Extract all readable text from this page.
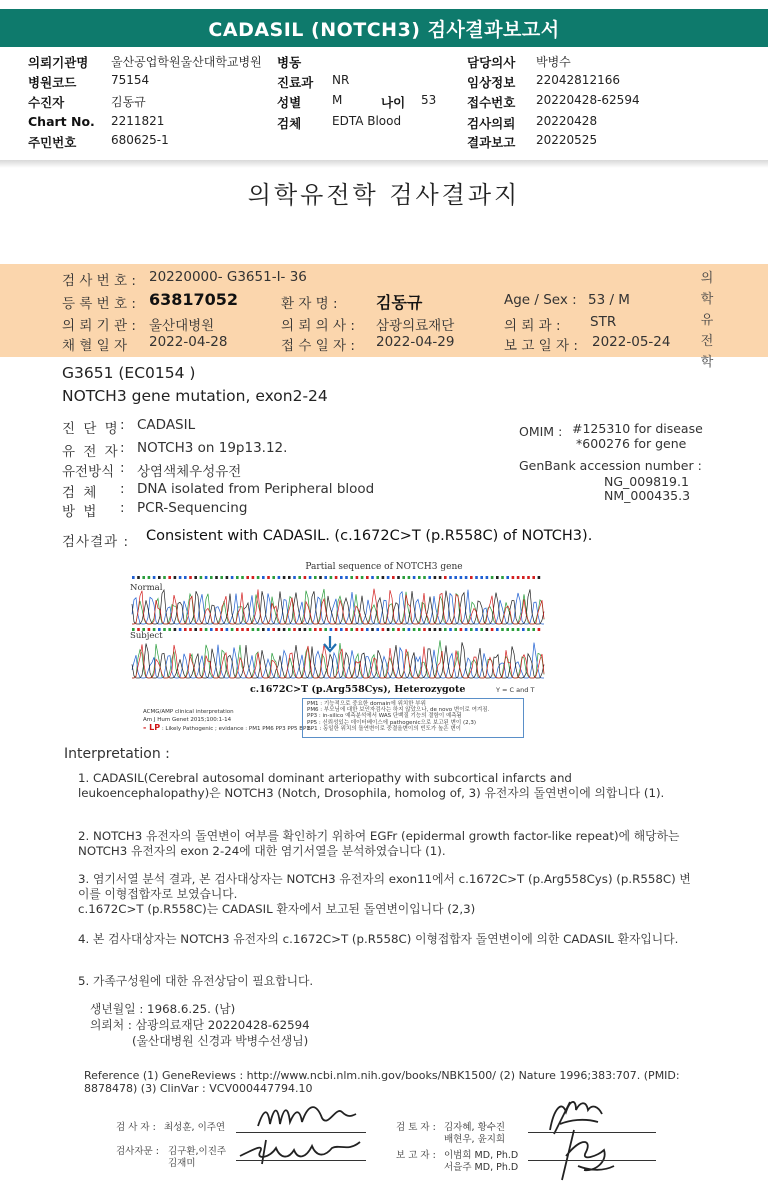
CADASIL (NOTCH3) 검사결과보고서
의뢰기관명 울산공업학원울산대학교병원 병동	담당의사 박병수
병원코드	75154	진료과 NR	임상정보 22042812166
수진자	김동규	성별	M	나이 53 접수번호 20220428-62594
Chart No. 2211821	검체	EDTA Blood	검사의뢰 20220428
주민번호	680625-1	결과보고 20220525
의학유전학 검사결과지
검 사 번 호 : 20220000- G3651-I- 36
등 록 번 호 : 63817052	환 자 명 : 김동규	Age / Sex : 53 / M
의 뢰 기 관 : 울산대병원	의 뢰 의 사 : 삼광의료재단	의 뢰 과 : STR
채 혈 일 자 2022-04-28	접 수 일 자 : 2022-04-29	보 고 일 자 : 2022-05-24
의
학
유
전
학
G3651 (EC0154 )
NOTCH3 gene mutation, exon2-24
진 단 명 : CADASIL
유 전 자 : NOTCH3 on 19p13.12.
유전방식 : 상염색체우성유전
검 체 : DNA isolated from Peripheral blood
방 법 : PCR-Sequencing
OMIM : #125310 for disease
*600276 for gene
GenBank accession number :
NG_009819.1
NM_000435.3
검사결과 : Consistent with CADASIL. (c.1672C>T (p.R558C) of NOTCH3).
Partial sequence of NOTCH3 gene
Normal
Subject
c.1672C>T (p.Arg558Cys), Heterozygote	Y = C and T
ACMG/AMP clinical interpretation
Am J Hum Genet 2015;100:1-14
- LP : Likely Pathogenic ; evidance : PM1 PM6 PP3 PP5 BP1
PM1 : 기능적으로 중요한 domain에 위치한 부위
PM6 : 부모님에 대한 보인자검사는 하지 않았으나, de novo 변이로 여겨짐.
PP3 : in-silico 예측분석에서 WAS 단백질 기능의 결함이 예측됨
PP5 : 신뢰성있는 데이터베이스에 pathogenic으로 보고된 변이 (2,3)
BP1 : 동일한 위치의 돌연변이로 중결올변이의 빈도가 높은 변이
Interpretation :
1. CADASIL(Cerebral autosomal dominant arteriopathy with subcortical infarcts and leukoencephalopathy)은 NOTCH3 (Notch, Drosophila, homolog of, 3) 유전자의 돌연변이에 의합니다 (1).
2. NOTCH3 유전자의 돌연변이 여부를 확인하기 위하여 EGFr (epidermal growth factor-like repeat)에 해당하는 NOTCH3 유전자의 exon 2-24에 대한 염기서열을 분석하였습니다 (1).
3. 염기서열 분석 결과, 본 검사대상자는 NOTCH3 유전자의 exon11에서 c.1672C>T (p.Arg558Cys) (p.R558C) 변이를 이형접합자로 보였습니다.
c.1672C>T (p.R558C)는 CADASIL 환자에서 보고된 돌연변이입니다 (2,3)
4. 본 검사대상자는 NOTCH3 유전자의 c.1672C>T (p.R558C) 이형접합자 돌연변이에 의한 CADASIL 환자입니다.
5. 가족구성원에 대한 유전상담이 필요합니다.
생년월일 : 1968.6.25. (남)
의뢰처 : 삼광의료재단 20220428-62594
(울산대병원 신경과 박병수선생님)
Reference (1) GeneReviews : http://www.ncbi.nlm.nih.gov/books/NBK1500/ (2) Nature 1996;383:707. (PMID: 8878478) (3) ClinVar : VCV000447794.10
검 사 자 : 최성훈, 이주연
검사자문 : 김구환,이진주
김재미
검 토 자 : 김자혜, 황수진
배현우, 윤지희
보 고 자 : 이범희 MD, Ph.D
서을주 MD, Ph.D
